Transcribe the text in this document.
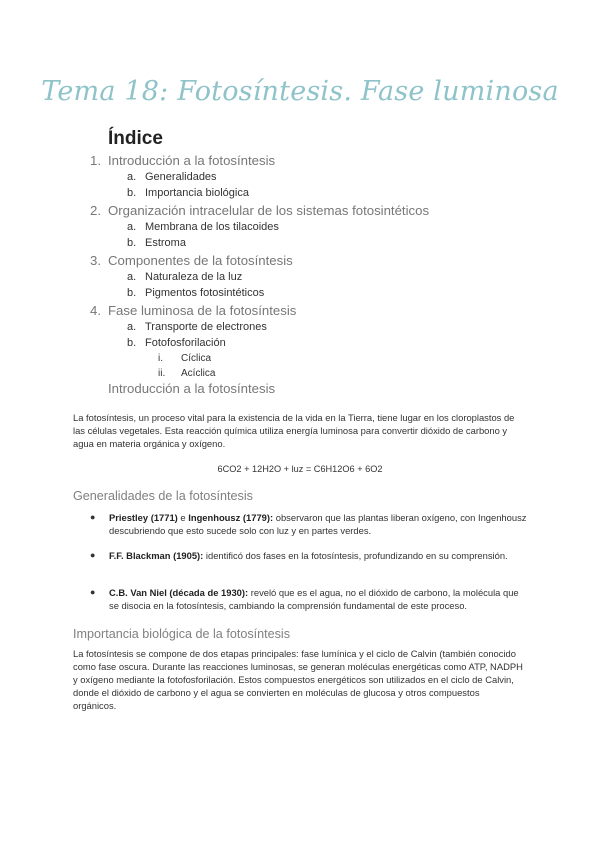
Tema 18: Fotosíntesis. Fase luminosa
Índice
1. Introducción a la fotosíntesis
a. Generalidades
b. Importancia biológica
2. Organización intracelular de los sistemas fotosintéticos
a. Membrana de los tilacoides
b. Estroma
3. Componentes de la fotosíntesis
a. Naturaleza de la luz
b. Pigmentos fotosintéticos
4. Fase luminosa de la fotosíntesis
a. Transporte de electrones
b. Fotofosforilación
i. Cíclica
ii. Acíclica
Introducción a la fotosíntesis
La fotosíntesis, un proceso vital para la existencia de la vida en la Tierra, tiene lugar en los cloroplastos de las células vegetales. Esta reacción química utiliza energía luminosa para convertir dióxido de carbono y agua en materia orgánica y oxígeno.
6CO2 + 12H2O + luz = C6H12O6 + 6O2
Generalidades de la fotosíntesis
● Priestley (1771) e Ingenhousz (1779): observaron que las plantas liberan oxígeno, con Ingenhousz descubriendo que esto sucede solo con luz y en partes verdes.
● F.F. Blackman (1905): identificó dos fases en la fotosíntesis, profundizando en su comprensión.
● C.B. Van Niel (década de 1930): reveló que es el agua, no el dióxido de carbono, la molécula que se disocia en la fotosíntesis, cambiando la comprensión fundamental de este proceso.
Importancia biológica de la fotosíntesis
La fotosíntesis se compone de dos etapas principales: fase lumínica y el ciclo de Calvin (también conocido como fase oscura. Durante las reacciones luminosas, se generan moléculas energéticas como ATP, NADPH y oxígeno mediante la fotofosforilación. Estos compuestos energéticos son utilizados en el ciclo de Calvin, donde el dióxido de carbono y el agua se convierten en moléculas de glucosa y otros compuestos orgánicos.
